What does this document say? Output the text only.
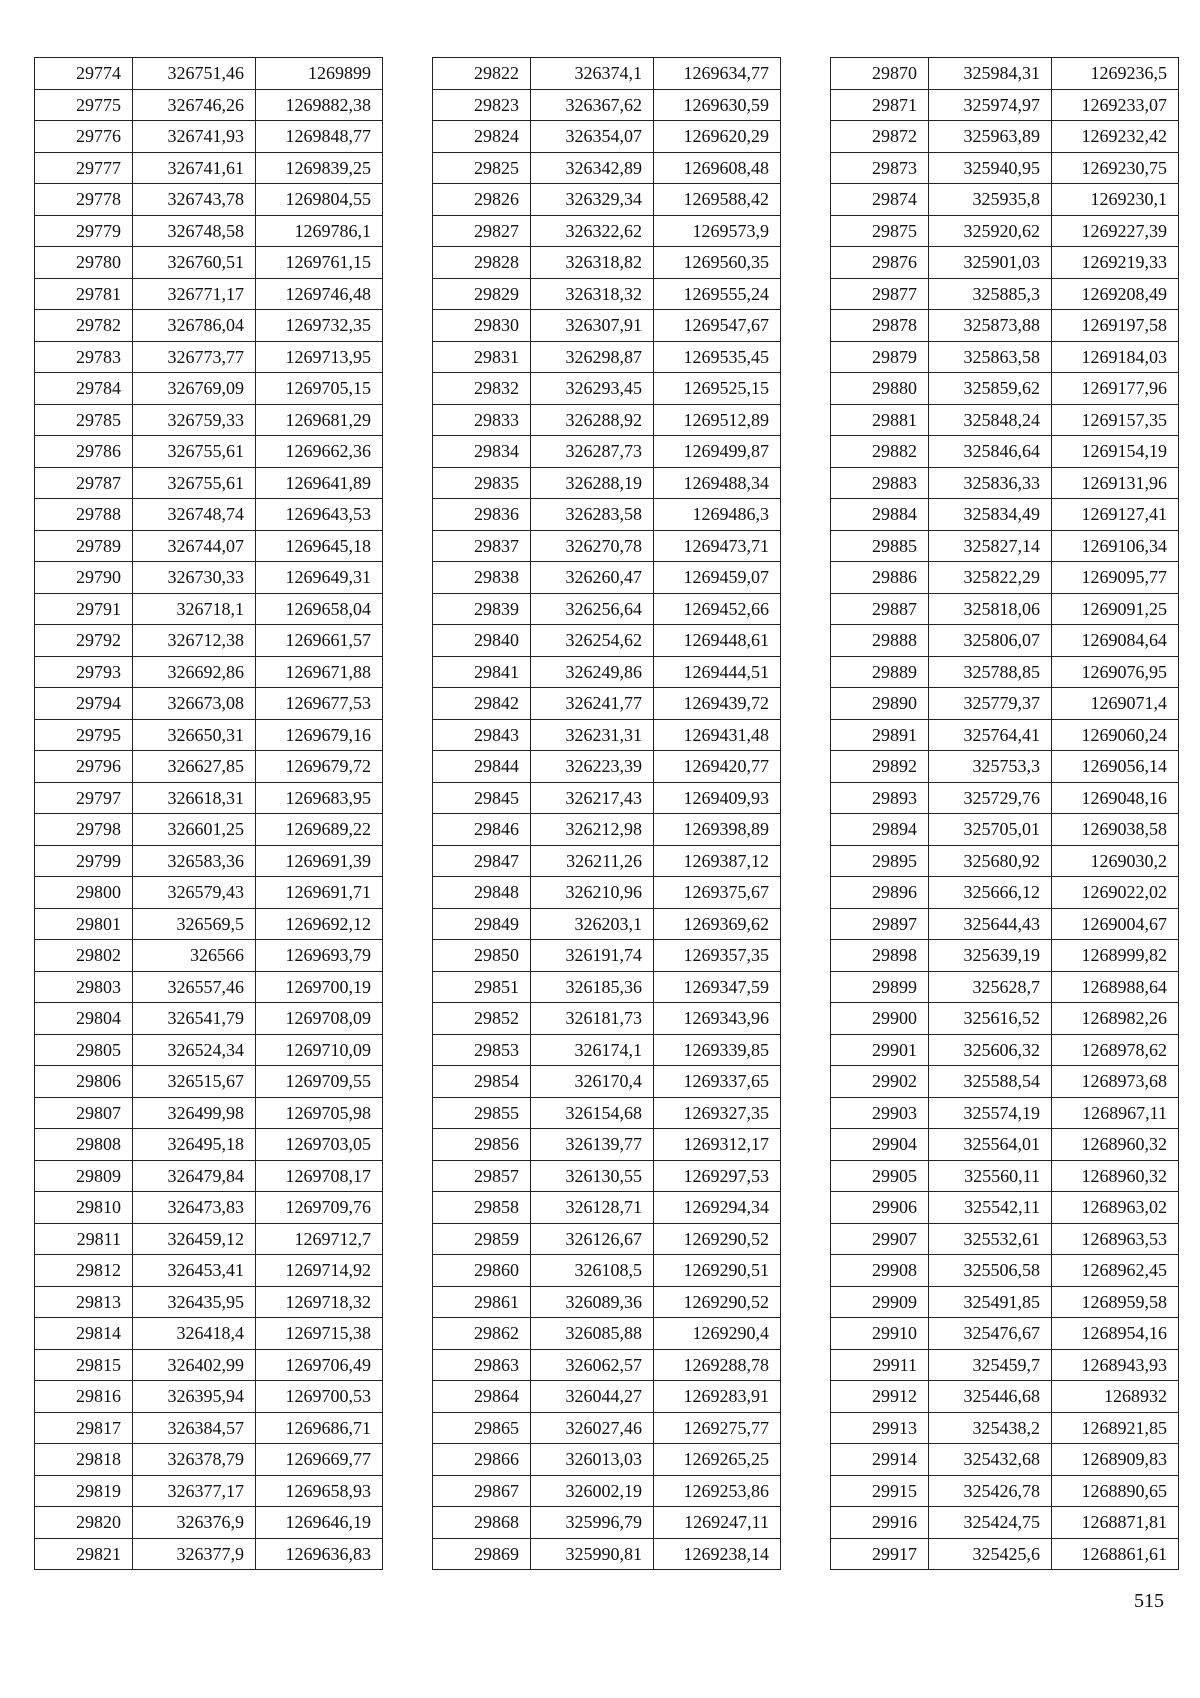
29774	326751,46	1269899
29775	326746,26	1269882,38
29776	326741,93	1269848,77
29777	326741,61	1269839,25
29778	326743,78	1269804,55
29779	326748,58	1269786,1
29780	326760,51	1269761,15
29781	326771,17	1269746,48
29782	326786,04	1269732,35
29783	326773,77	1269713,95
29784	326769,09	1269705,15
29785	326759,33	1269681,29
29786	326755,61	1269662,36
29787	326755,61	1269641,89
29788	326748,74	1269643,53
29789	326744,07	1269645,18
29790	326730,33	1269649,31
29791	326718,1	1269658,04
29792	326712,38	1269661,57
29793	326692,86	1269671,88
29794	326673,08	1269677,53
29795	326650,31	1269679,16
29796	326627,85	1269679,72
29797	326618,31	1269683,95
29798	326601,25	1269689,22
29799	326583,36	1269691,39
29800	326579,43	1269691,71
29801	326569,5	1269692,12
29802	326566	1269693,79
29803	326557,46	1269700,19
29804	326541,79	1269708,09
29805	326524,34	1269710,09
29806	326515,67	1269709,55
29807	326499,98	1269705,98
29808	326495,18	1269703,05
29809	326479,84	1269708,17
29810	326473,83	1269709,76
29811	326459,12	1269712,7
29812	326453,41	1269714,92
29813	326435,95	1269718,32
29814	326418,4	1269715,38
29815	326402,99	1269706,49
29816	326395,94	1269700,53
29817	326384,57	1269686,71
29818	326378,79	1269669,77
29819	326377,17	1269658,93
29820	326376,9	1269646,19
29821	326377,9	1269636,83
29822	326374,1	1269634,77
29823	326367,62	1269630,59
29824	326354,07	1269620,29
29825	326342,89	1269608,48
29826	326329,34	1269588,42
29827	326322,62	1269573,9
29828	326318,82	1269560,35
29829	326318,32	1269555,24
29830	326307,91	1269547,67
29831	326298,87	1269535,45
29832	326293,45	1269525,15
29833	326288,92	1269512,89
29834	326287,73	1269499,87
29835	326288,19	1269488,34
29836	326283,58	1269486,3
29837	326270,78	1269473,71
29838	326260,47	1269459,07
29839	326256,64	1269452,66
29840	326254,62	1269448,61
29841	326249,86	1269444,51
29842	326241,77	1269439,72
29843	326231,31	1269431,48
29844	326223,39	1269420,77
29845	326217,43	1269409,93
29846	326212,98	1269398,89
29847	326211,26	1269387,12
29848	326210,96	1269375,67
29849	326203,1	1269369,62
29850	326191,74	1269357,35
29851	326185,36	1269347,59
29852	326181,73	1269343,96
29853	326174,1	1269339,85
29854	326170,4	1269337,65
29855	326154,68	1269327,35
29856	326139,77	1269312,17
29857	326130,55	1269297,53
29858	326128,71	1269294,34
29859	326126,67	1269290,52
29860	326108,5	1269290,51
29861	326089,36	1269290,52
29862	326085,88	1269290,4
29863	326062,57	1269288,78
29864	326044,27	1269283,91
29865	326027,46	1269275,77
29866	326013,03	1269265,25
29867	326002,19	1269253,86
29868	325996,79	1269247,11
29869	325990,81	1269238,14
29870	325984,31	1269236,5
29871	325974,97	1269233,07
29872	325963,89	1269232,42
29873	325940,95	1269230,75
29874	325935,8	1269230,1
29875	325920,62	1269227,39
29876	325901,03	1269219,33
29877	325885,3	1269208,49
29878	325873,88	1269197,58
29879	325863,58	1269184,03
29880	325859,62	1269177,96
29881	325848,24	1269157,35
29882	325846,64	1269154,19
29883	325836,33	1269131,96
29884	325834,49	1269127,41
29885	325827,14	1269106,34
29886	325822,29	1269095,77
29887	325818,06	1269091,25
29888	325806,07	1269084,64
29889	325788,85	1269076,95
29890	325779,37	1269071,4
29891	325764,41	1269060,24
29892	325753,3	1269056,14
29893	325729,76	1269048,16
29894	325705,01	1269038,58
29895	325680,92	1269030,2
29896	325666,12	1269022,02
29897	325644,43	1269004,67
29898	325639,19	1268999,82
29899	325628,7	1268988,64
29900	325616,52	1268982,26
29901	325606,32	1268978,62
29902	325588,54	1268973,68
29903	325574,19	1268967,11
29904	325564,01	1268960,32
29905	325560,11	1268960,32
29906	325542,11	1268963,02
29907	325532,61	1268963,53
29908	325506,58	1268962,45
29909	325491,85	1268959,58
29910	325476,67	1268954,16
29911	325459,7	1268943,93
29912	325446,68	1268932
29913	325438,2	1268921,85
29914	325432,68	1268909,83
29915	325426,78	1268890,65
29916	325424,75	1268871,81
29917	325425,6	1268861,61
515
